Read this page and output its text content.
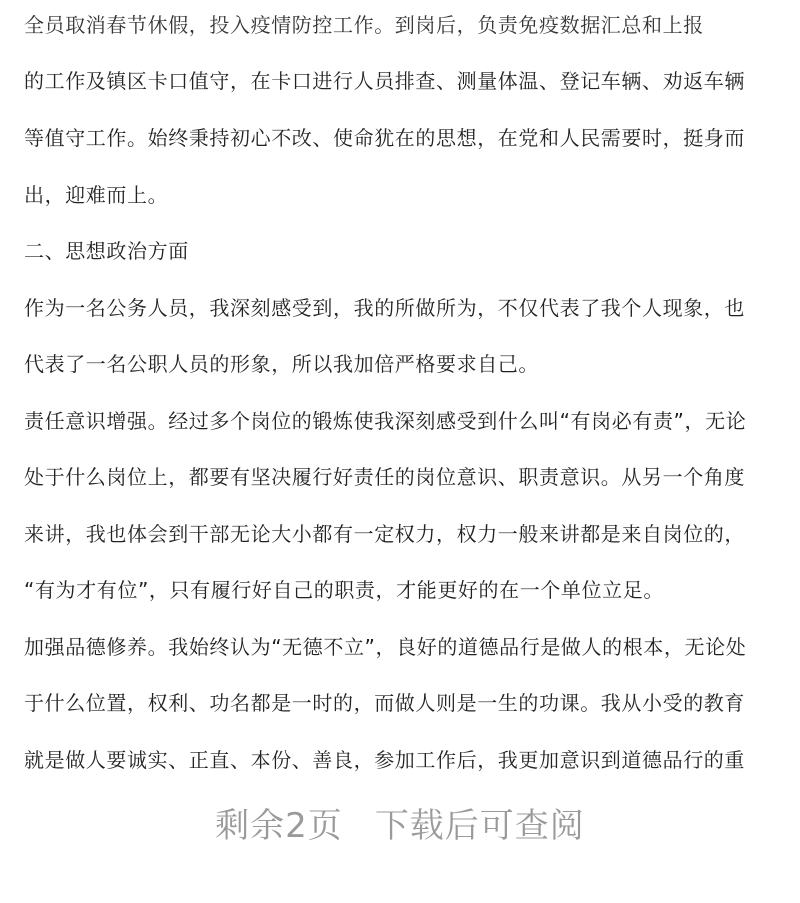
全员取消春节休假，投入疫情防控工作。到岗后，负责免疫数据汇总和上报
的工作及镇区卡口值守，在卡口进行人员排查、测量体温、登记车辆、劝返车辆
等值守工作。始终秉持初心不改、使命犹在的思想，在党和人民需要时，挺身而
出，迎难而上。
二、思想政治方面
作为一名公务人员，我深刻感受到，我的所做所为，不仅代表了我个人现象，也
代表了一名公职人员的形象，所以我加倍严格要求自己。
责任意识增强。经过多个岗位的锻炼使我深刻感受到什么叫“有岗必有责”，无论
处于什么岗位上，都要有坚决履行好责任的岗位意识、职责意识。从另一个角度
来讲，我也体会到干部无论大小都有一定权力，权力一般来讲都是来自岗位的，
“有为才有位”，只有履行好自己的职责，才能更好的在一个单位立足。
加强品德修养。我始终认为“无德不立”，良好的道德品行是做人的根本，无论处
于什么位置，权利、功名都是一时的，而做人则是一生的功课。我从小受的教育
就是做人要诚实、正直、本份、善良，参加工作后，我更加意识到道德品行的重
剩余2页 下载后可查阅
